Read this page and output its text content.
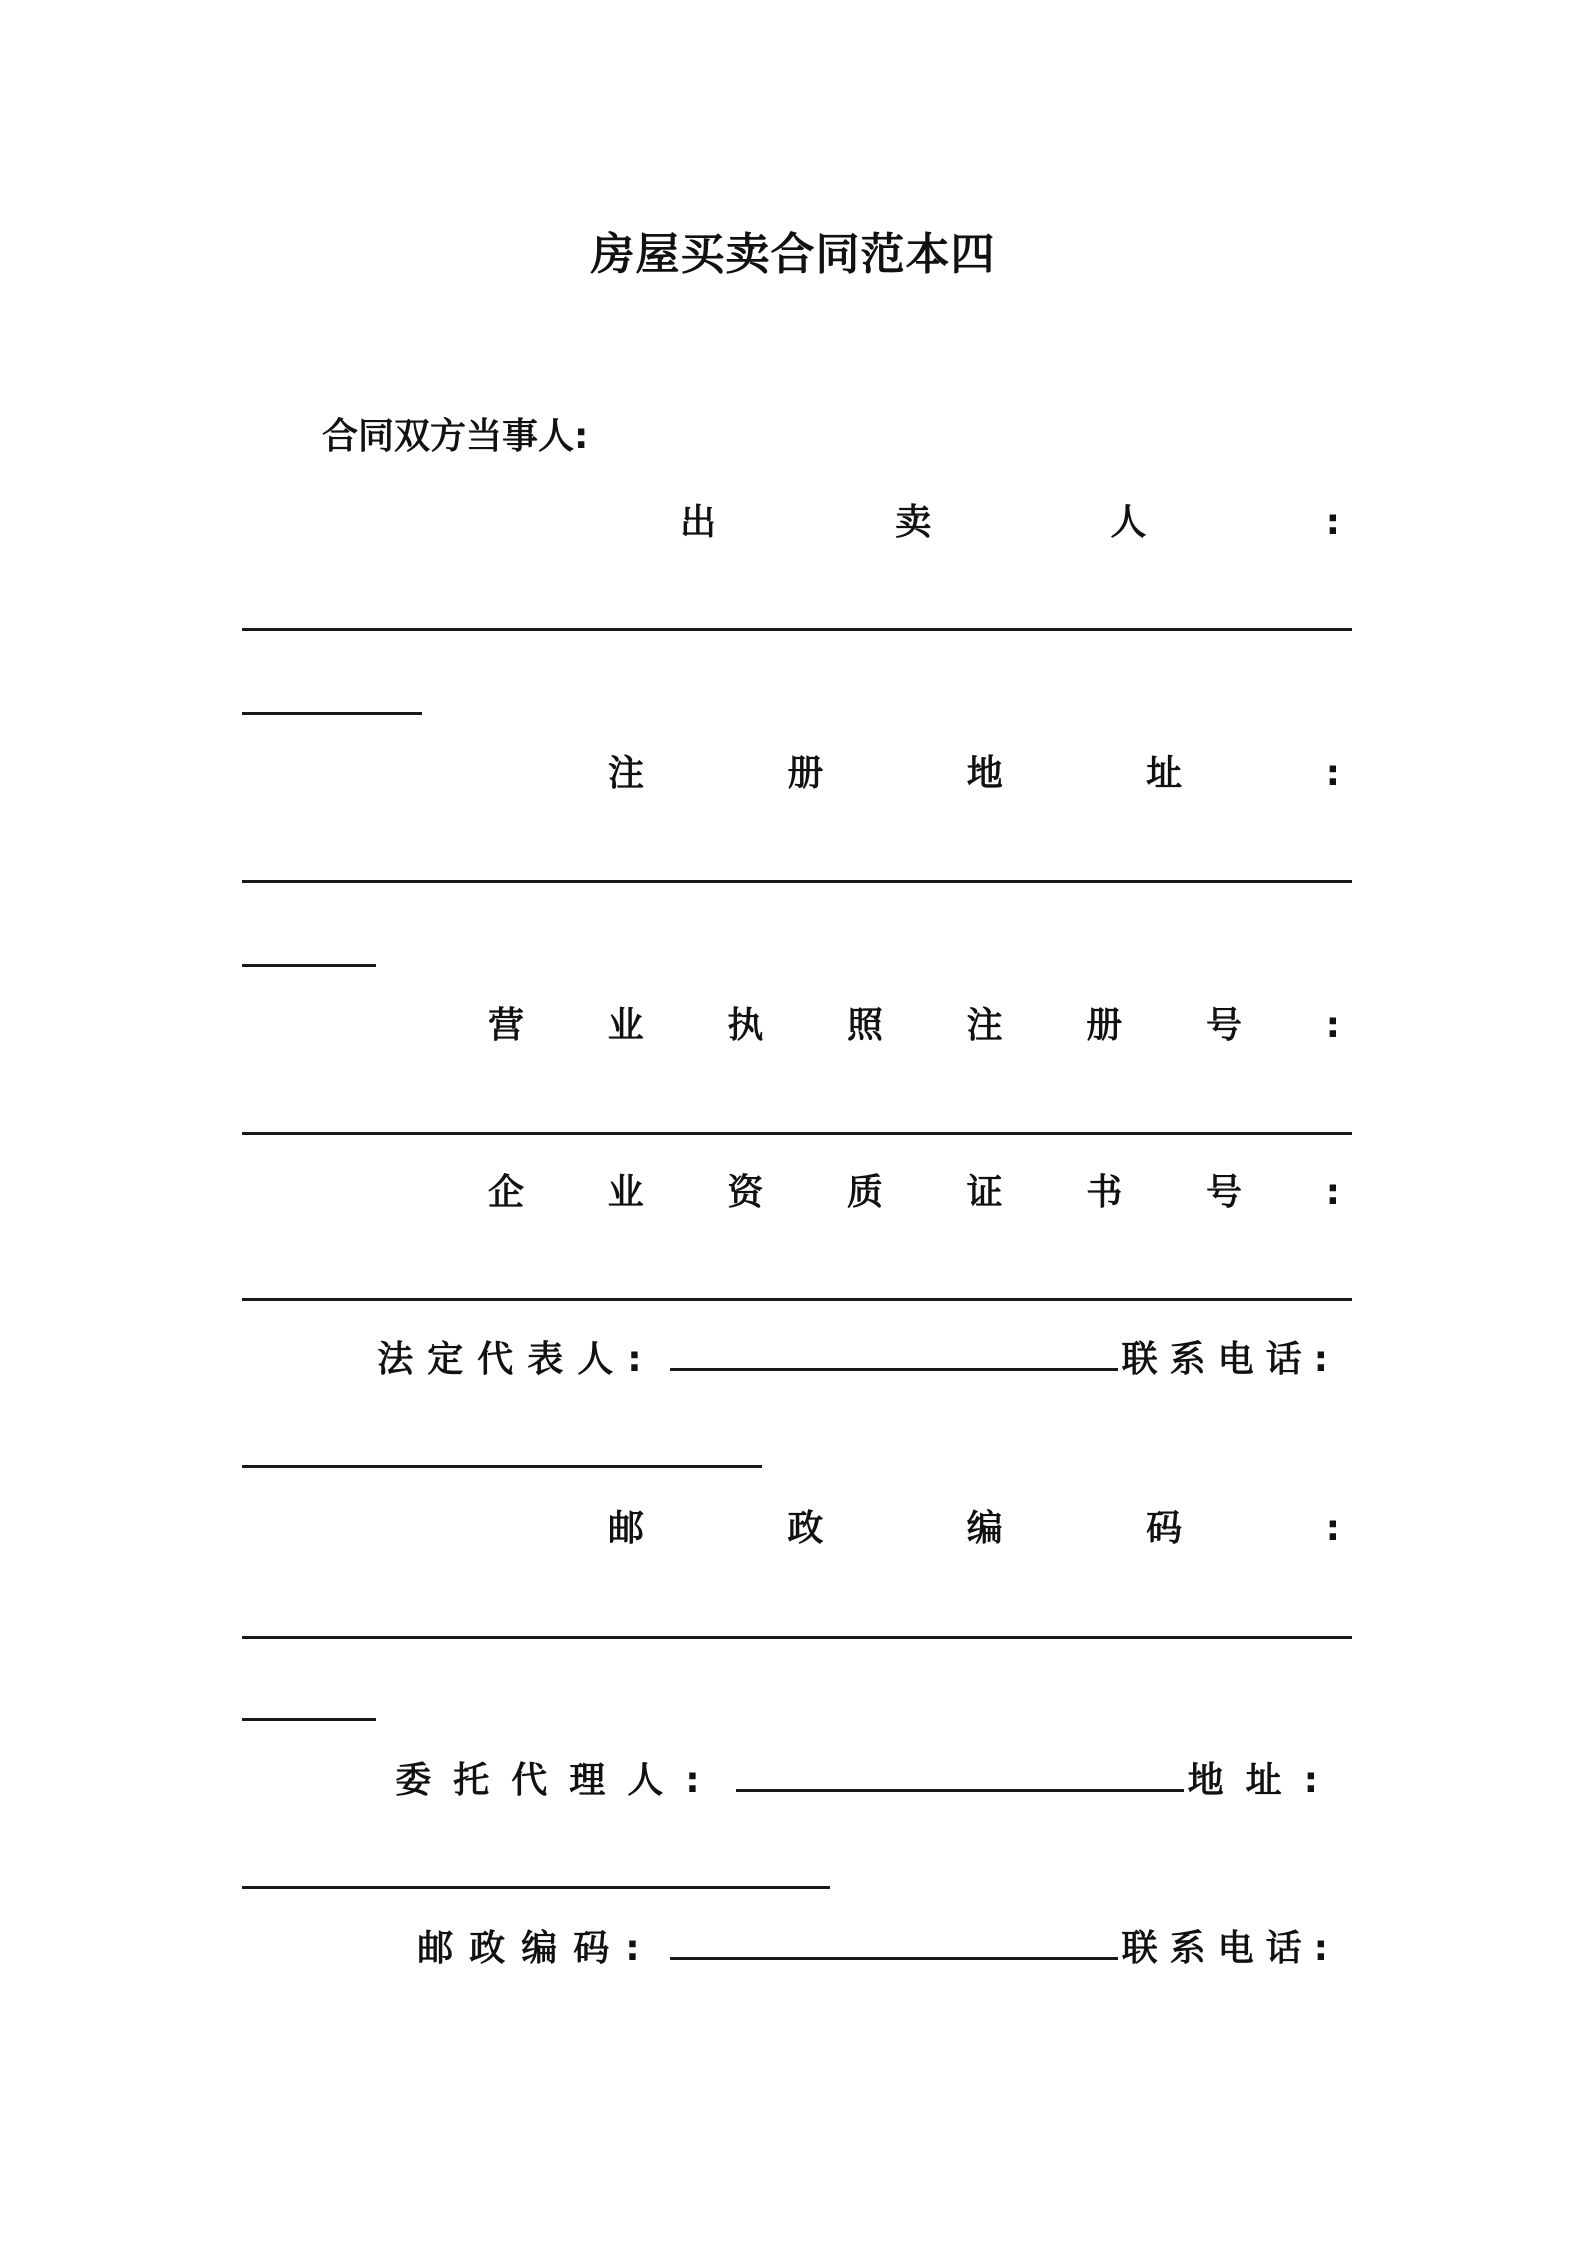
房屋买卖合同范本四
合同双方当事人:
出	卖	人	:
注	册	地	址	:
营 业 执 照 注 册 号 :
企 业 资 质 证 书 号 :
法定代表人:	联系电话:
邮	政	编	码	:
委托代理人:	地址:
邮政编码:	联系电话:
